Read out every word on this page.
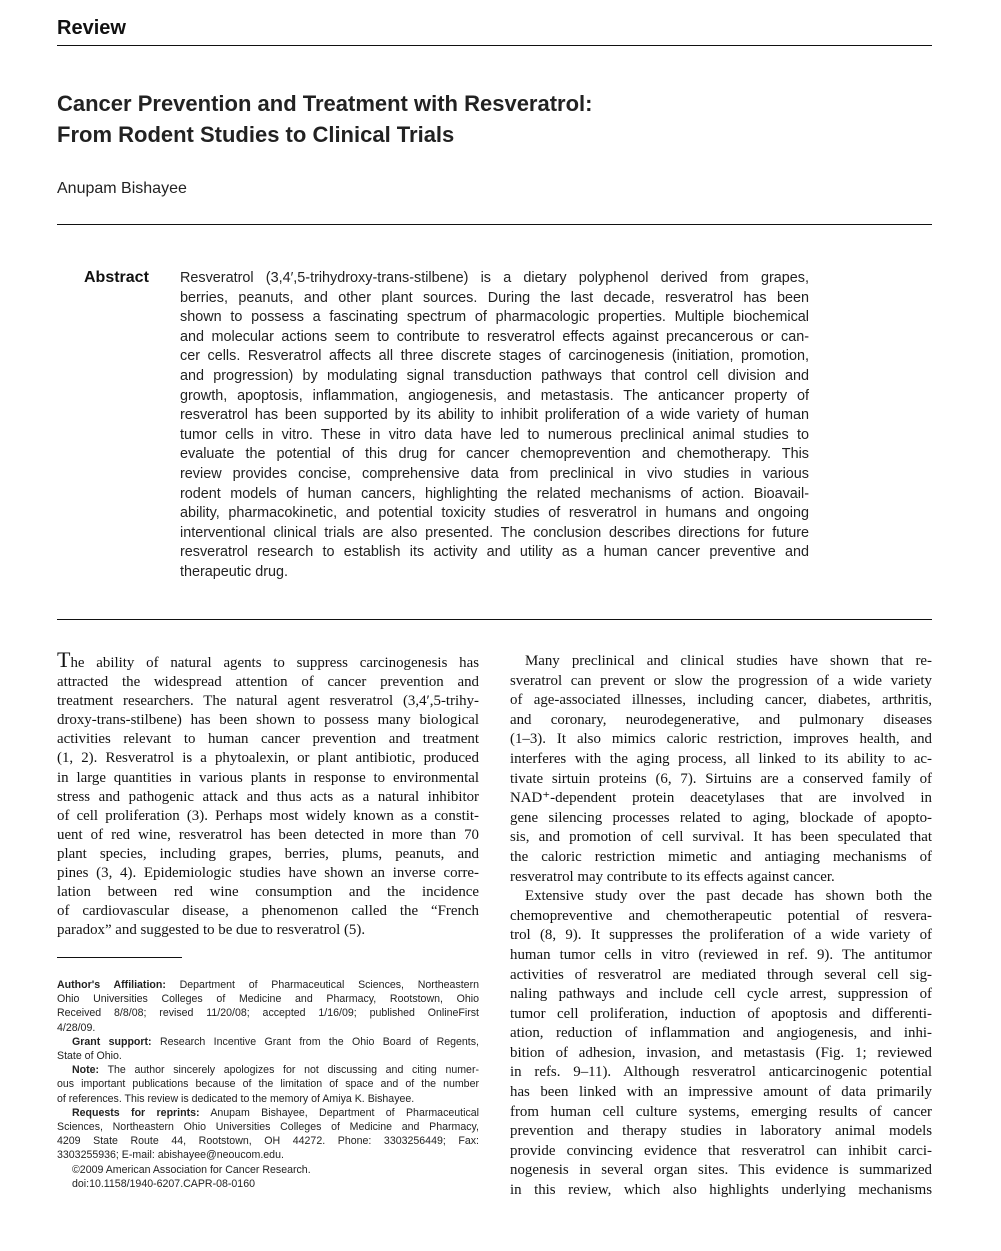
Review
Cancer Prevention and Treatment with Resveratrol:
From Rodent Studies to Clinical Trials
Anupam Bishayee
Abstract Resveratrol (3,4′,5-trihydroxy-trans-stilbene) is a dietary polyphenol derived from grapes,
berries, peanuts, and other plant sources. During the last decade, resveratrol has been
shown to possess a fascinating spectrum of pharmacologic properties. Multiple biochemical
and molecular actions seem to contribute to resveratrol effects against precancerous or can-
cer cells. Resveratrol affects all three discrete stages of carcinogenesis (initiation, promotion,
and progression) by modulating signal transduction pathways that control cell division and
growth, apoptosis, inflammation, angiogenesis, and metastasis. The anticancer property of
resveratrol has been supported by its ability to inhibit proliferation of a wide variety of human
tumor cells in vitro. These in vitro data have led to numerous preclinical animal studies to
evaluate the potential of this drug for cancer chemoprevention and chemotherapy. This
review provides concise, comprehensive data from preclinical in vivo studies in various
rodent models of human cancers, highlighting the related mechanisms of action. Bioavail-
ability, pharmacokinetic, and potential toxicity studies of resveratrol in humans and ongoing
interventional clinical trials are also presented. The conclusion describes directions for future
resveratrol research to establish its activity and utility as a human cancer preventive and
therapeutic drug.
The ability of natural agents to suppress carcinogenesis has
attracted the widespread attention of cancer prevention and
treatment researchers. The natural agent resveratrol (3,4′,5-trihy-
droxy-trans-stilbene) has been shown to possess many biological
activities relevant to human cancer prevention and treatment
(1, 2). Resveratrol is a phytoalexin, or plant antibiotic, produced
in large quantities in various plants in response to environmental
stress and pathogenic attack and thus acts as a natural inhibitor
of cell proliferation (3). Perhaps most widely known as a constit-
uent of red wine, resveratrol has been detected in more than 70
plant species, including grapes, berries, plums, peanuts, and
pines (3, 4). Epidemiologic studies have shown an inverse corre-
lation between red wine consumption and the incidence
of cardiovascular disease, a phenomenon called the “French
paradox” and suggested to be due to resveratrol (5).
Author's Affiliation: Department of Pharmaceutical Sciences, Northeastern
Ohio Universities Colleges of Medicine and Pharmacy, Rootstown, Ohio
Received 8/8/08; revised 11/20/08; accepted 1/16/09; published OnlineFirst
4/28/09.
Grant support: Research Incentive Grant from the Ohio Board of Regents,
State of Ohio.
Note: The author sincerely apologizes for not discussing and citing numer-
ous important publications because of the limitation of space and of the number
of references. This review is dedicated to the memory of Amiya K. Bishayee.
Requests for reprints: Anupam Bishayee, Department of Pharmaceutical
Sciences, Northeastern Ohio Universities Colleges of Medicine and Pharmacy,
4209 State Route 44, Rootstown, OH 44272. Phone: 3303256449; Fax:
3303255936; E-mail: abishayee@neoucom.edu.
©2009 American Association for Cancer Research.
doi:10.1158/1940-6207.CAPR-08-0160
Many preclinical and clinical studies have shown that re-
sveratrol can prevent or slow the progression of a wide variety
of age-associated illnesses, including cancer, diabetes, arthritis,
and coronary, neurodegenerative, and pulmonary diseases
(1–3). It also mimics caloric restriction, improves health, and
interferes with the aging process, all linked to its ability to ac-
tivate sirtuin proteins (6, 7). Sirtuins are a conserved family of
NAD⁺-dependent protein deacetylases that are involved in
gene silencing processes related to aging, blockade of apopto-
sis, and promotion of cell survival. It has been speculated that
the caloric restriction mimetic and antiaging mechanisms of
resveratrol may contribute to its effects against cancer.
Extensive study over the past decade has shown both the
chemopreventive and chemotherapeutic potential of resvera-
trol (8, 9). It suppresses the proliferation of a wide variety of
human tumor cells in vitro (reviewed in ref. 9). The antitumor
activities of resveratrol are mediated through several cell sig-
naling pathways and include cell cycle arrest, suppression of
tumor cell proliferation, induction of apoptosis and differenti-
ation, reduction of inflammation and angiogenesis, and inhi-
bition of adhesion, invasion, and metastasis (Fig. 1; reviewed
in refs. 9–11). Although resveratrol anticarcinogenic potential
has been linked with an impressive amount of data primarily
from human cell culture systems, emerging results of cancer
prevention and therapy studies in laboratory animal models
provide convincing evidence that resveratrol can inhibit carci-
nogenesis in several organ sites. This evidence is summarized
in this review, which also highlights underlying mechanisms
